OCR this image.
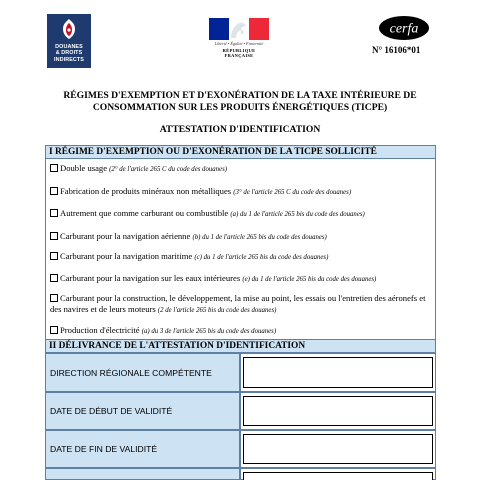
DOUANES
& DROITS
INDIRECTS
Liberté • Égalité • Fraternité
RÉPUBLIQUE FRANÇAISE
cerfa
N° 16106*01
RÉGIMES D'EXEMPTION ET D'EXONÉRATION DE LA TAXE INTÉRIEURE DE
CONSOMMATION SUR LES PRODUITS ÉNERGÉTIQUES (TICPE)
ATTESTATION D'IDENTIFICATION
I RÉGIME D'EXEMPTION OU D'EXONÉRATION DE LA TICPE SOLLICITÉ
Double usage (2° de l'article 265 C du code des douanes)
Fabrication de produits minéraux non métalliques (3° de l'article 265 C du code des douanes)
Autrement que comme carburant ou combustible (a) du 1 de l'article 265 bis du code des douanes)
Carburant pour la navigation aérienne (b) du 1 de l'article 265 bis du code des douanes)
Carburant pour la navigation maritime (c) du 1 de l'article 265 bis du code des douanes)
Carburant pour la navigation sur les eaux intérieures (e) du 1 de l'article 265 bis du code des douanes)
Carburant pour la construction, le développement, la mise au point, les essais ou l'entretien des aéronefs et des navires et de leurs moteurs (2 de l'article 265 bis du code des douanes)
Production d'électricité (a) du 3 de l'article 265 bis du code des douanes)
II DÉLIVRANCE DE L'ATTESTATION D'IDENTIFICATION
DIRECTION RÉGIONALE COMPÉTENTE
DATE DE DÉBUT DE VALIDITÉ
DATE DE FIN DE VALIDITÉ
